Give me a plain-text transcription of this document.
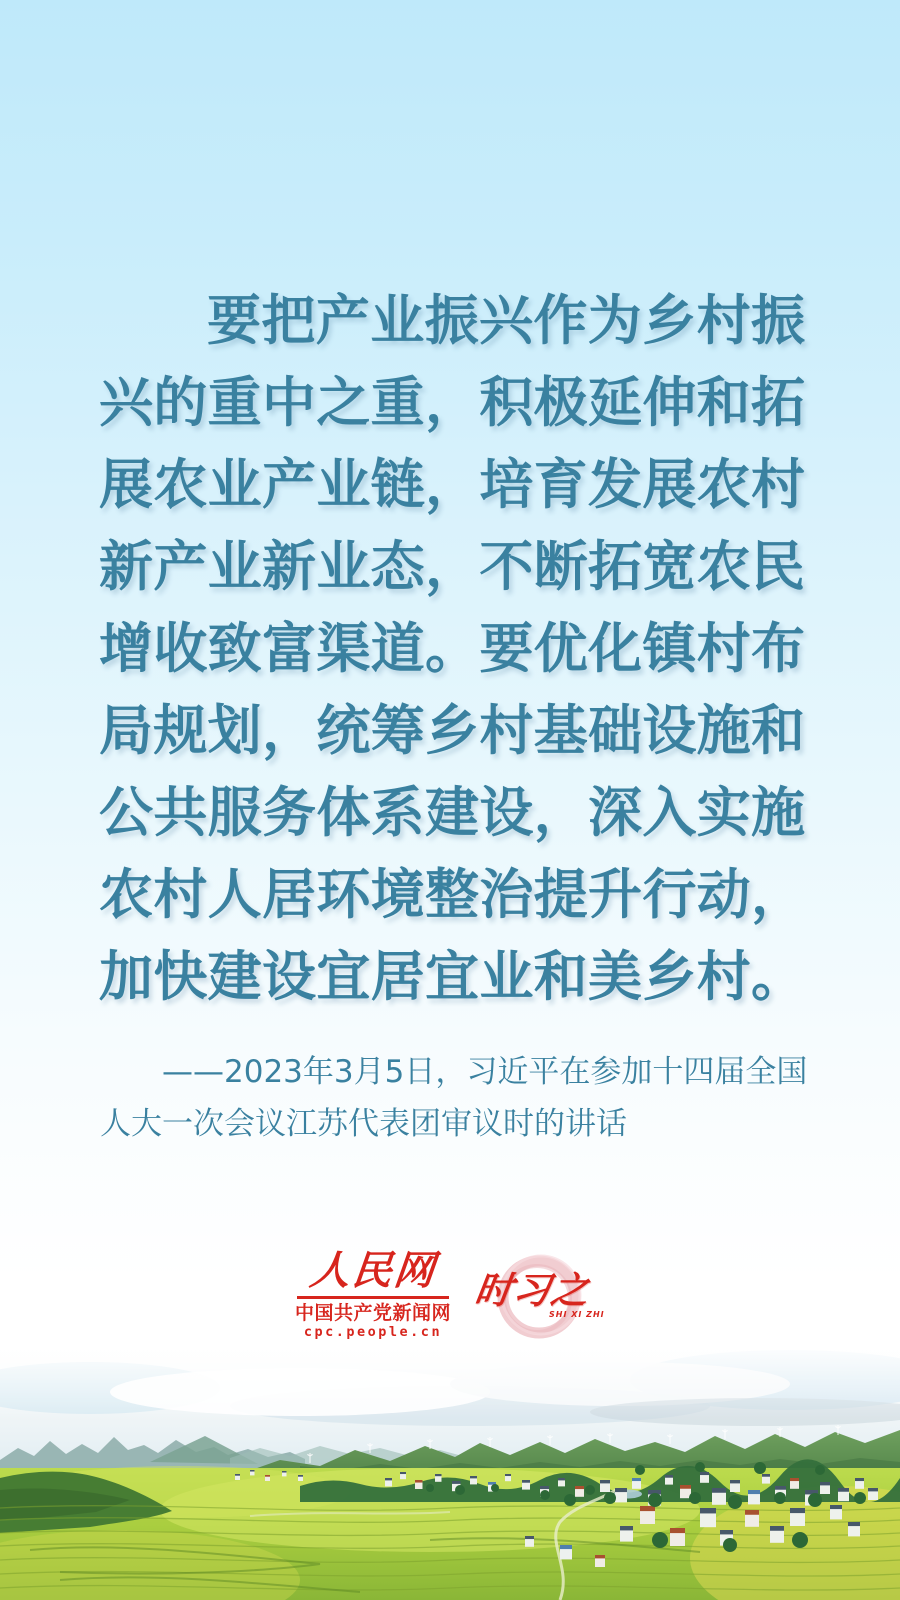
要把产业振兴作为乡村振
兴的重中之重，积极延伸和拓
展农业产业链，培育发展农村
新产业新业态，不断拓宽农民
增收致富渠道。要优化镇村布
局规划，统筹乡村基础设施和
公共服务体系建设，深入实施
农村人居环境整治提升行动，
加快建设宜居宜业和美乡村。
——2023年3月5日，习近平在参加十四届全国
人大一次会议江苏代表团审议时的讲话
人民网
中国共产党新闻网
cpc.people.cn
时习之
SHI XI ZHI
